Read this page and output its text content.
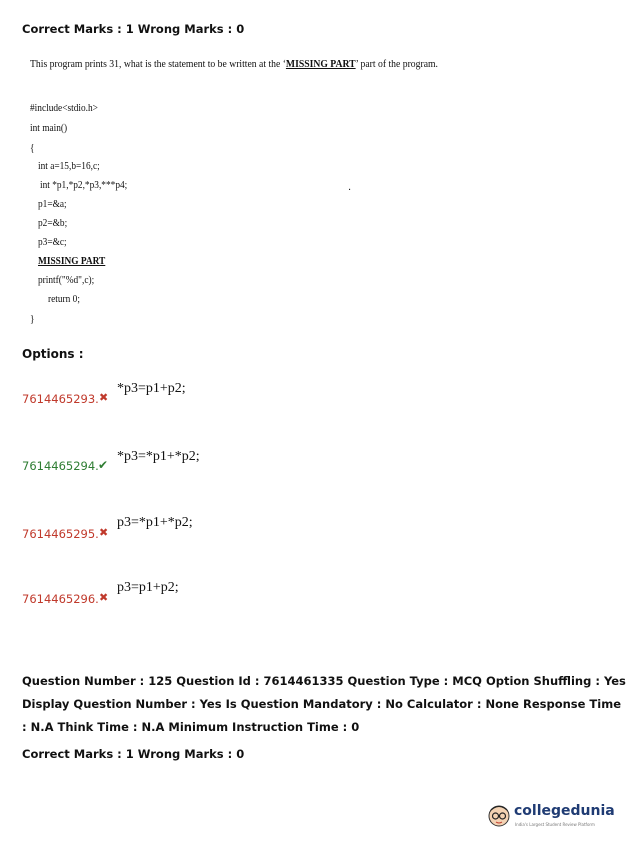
Correct Marks : 1 Wrong Marks : 0
This program prints 31, what is the statement to be written at the ‘MISSING PART’ part of the program.
#include<stdio.h>
int main()
{
int a=15,b=16,c;
int *p1,*p2,*p3,***p4;
p1=&a;
p2=&b;
p3=&c;
MISSING PART
printf("%d",c);
return 0;
}
.
Options :
7614465293. ✖
*p3=p1+p2;
7614465294. ✔
*p3=*p1+*p2;
7614465295. ✖
p3=*p1+*p2;
7614465296. ✖
p3=p1+p2;
Question Number : 125 Question Id : 7614461335 Question Type : MCQ Option Shuffling : Yes
Display Question Number : Yes Is Question Mandatory : No Calculator : None Response Time
: N.A Think Time : N.A Minimum Instruction Time : 0
Correct Marks : 1 Wrong Marks : 0
collegedunia
India's Largest Student Review Platform
